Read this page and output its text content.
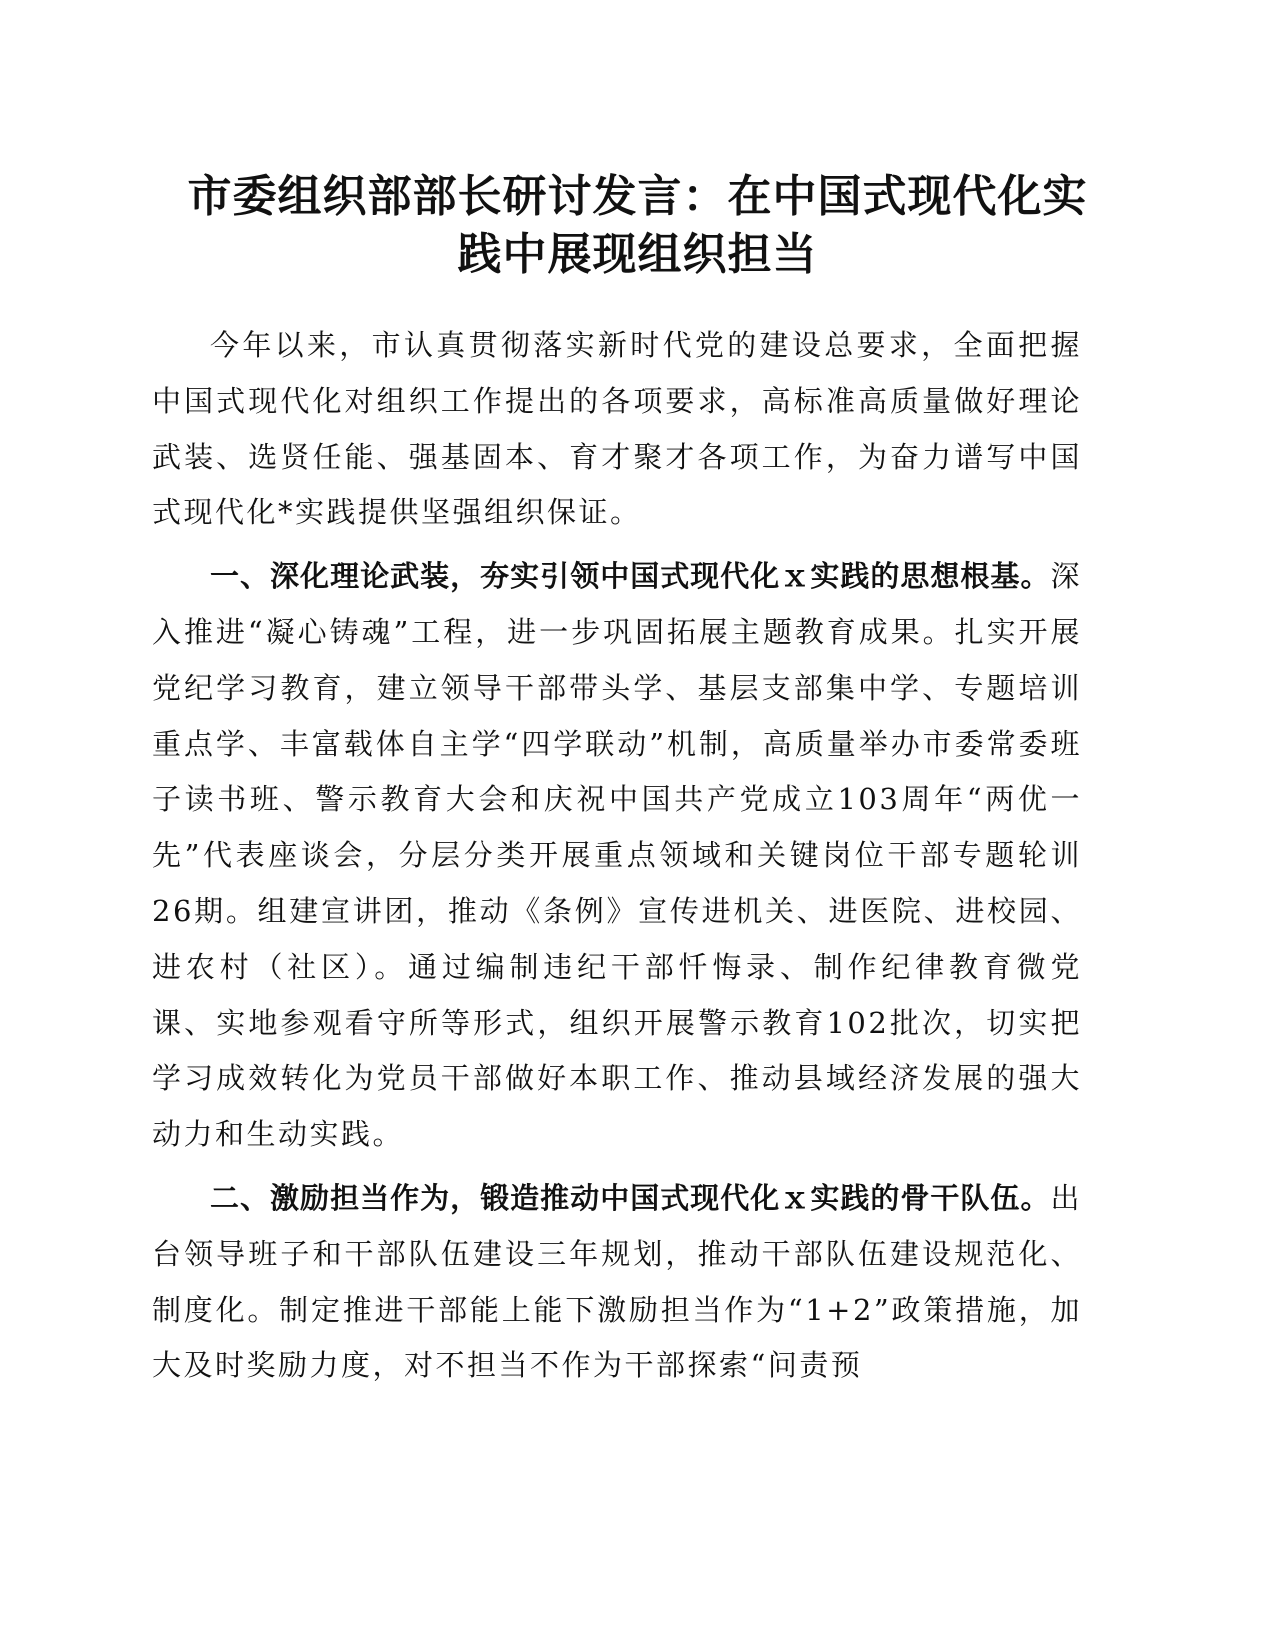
市委组织部部长研讨发言：在中国式现代化实
践中展现组织担当

今年以来，市认真贯彻落实新时代党的建设总要求，全面把握中国式现代化对组织工作提出的各项要求，高标准高质量做好理论武装、选贤任能、强基固本、育才聚才各项工作，为奋力谱写中国式现代化*实践提供坚强组织保证。

一、深化理论武装，夯实引领中国式现代化ｘ实践的思想根基。深入推进“凝心铸魂”工程，进一步巩固拓展主题教育成果。扎实开展党纪学习教育，建立领导干部带头学、基层支部集中学、专题培训重点学、丰富载体自主学“四学联动”机制，高质量举办市委常委班子读书班、警示教育大会和庆祝中国共产党成立103周年“两优一先”代表座谈会，分层分类开展重点领域和关键岗位干部专题轮训26期。组建宣讲团，推动《条例》宣传进机关、进医院、进校园、进农村（社区）。通过编制违纪干部忏悔录、制作纪律教育微党课、实地参观看守所等形式，组织开展警示教育102批次，切实把学习成效转化为党员干部做好本职工作、推动县域经济发展的强大动力和生动实践。

二、激励担当作为，锻造推动中国式现代化ｘ实践的骨干队伍。出台领导班子和干部队伍建设三年规划，推动干部队伍建设规范化、制度化。制定推进干部能上能下激励担当作为“1+2”政策措施，加大及时奖励力度，对不担当不作为干部探索“问责预
